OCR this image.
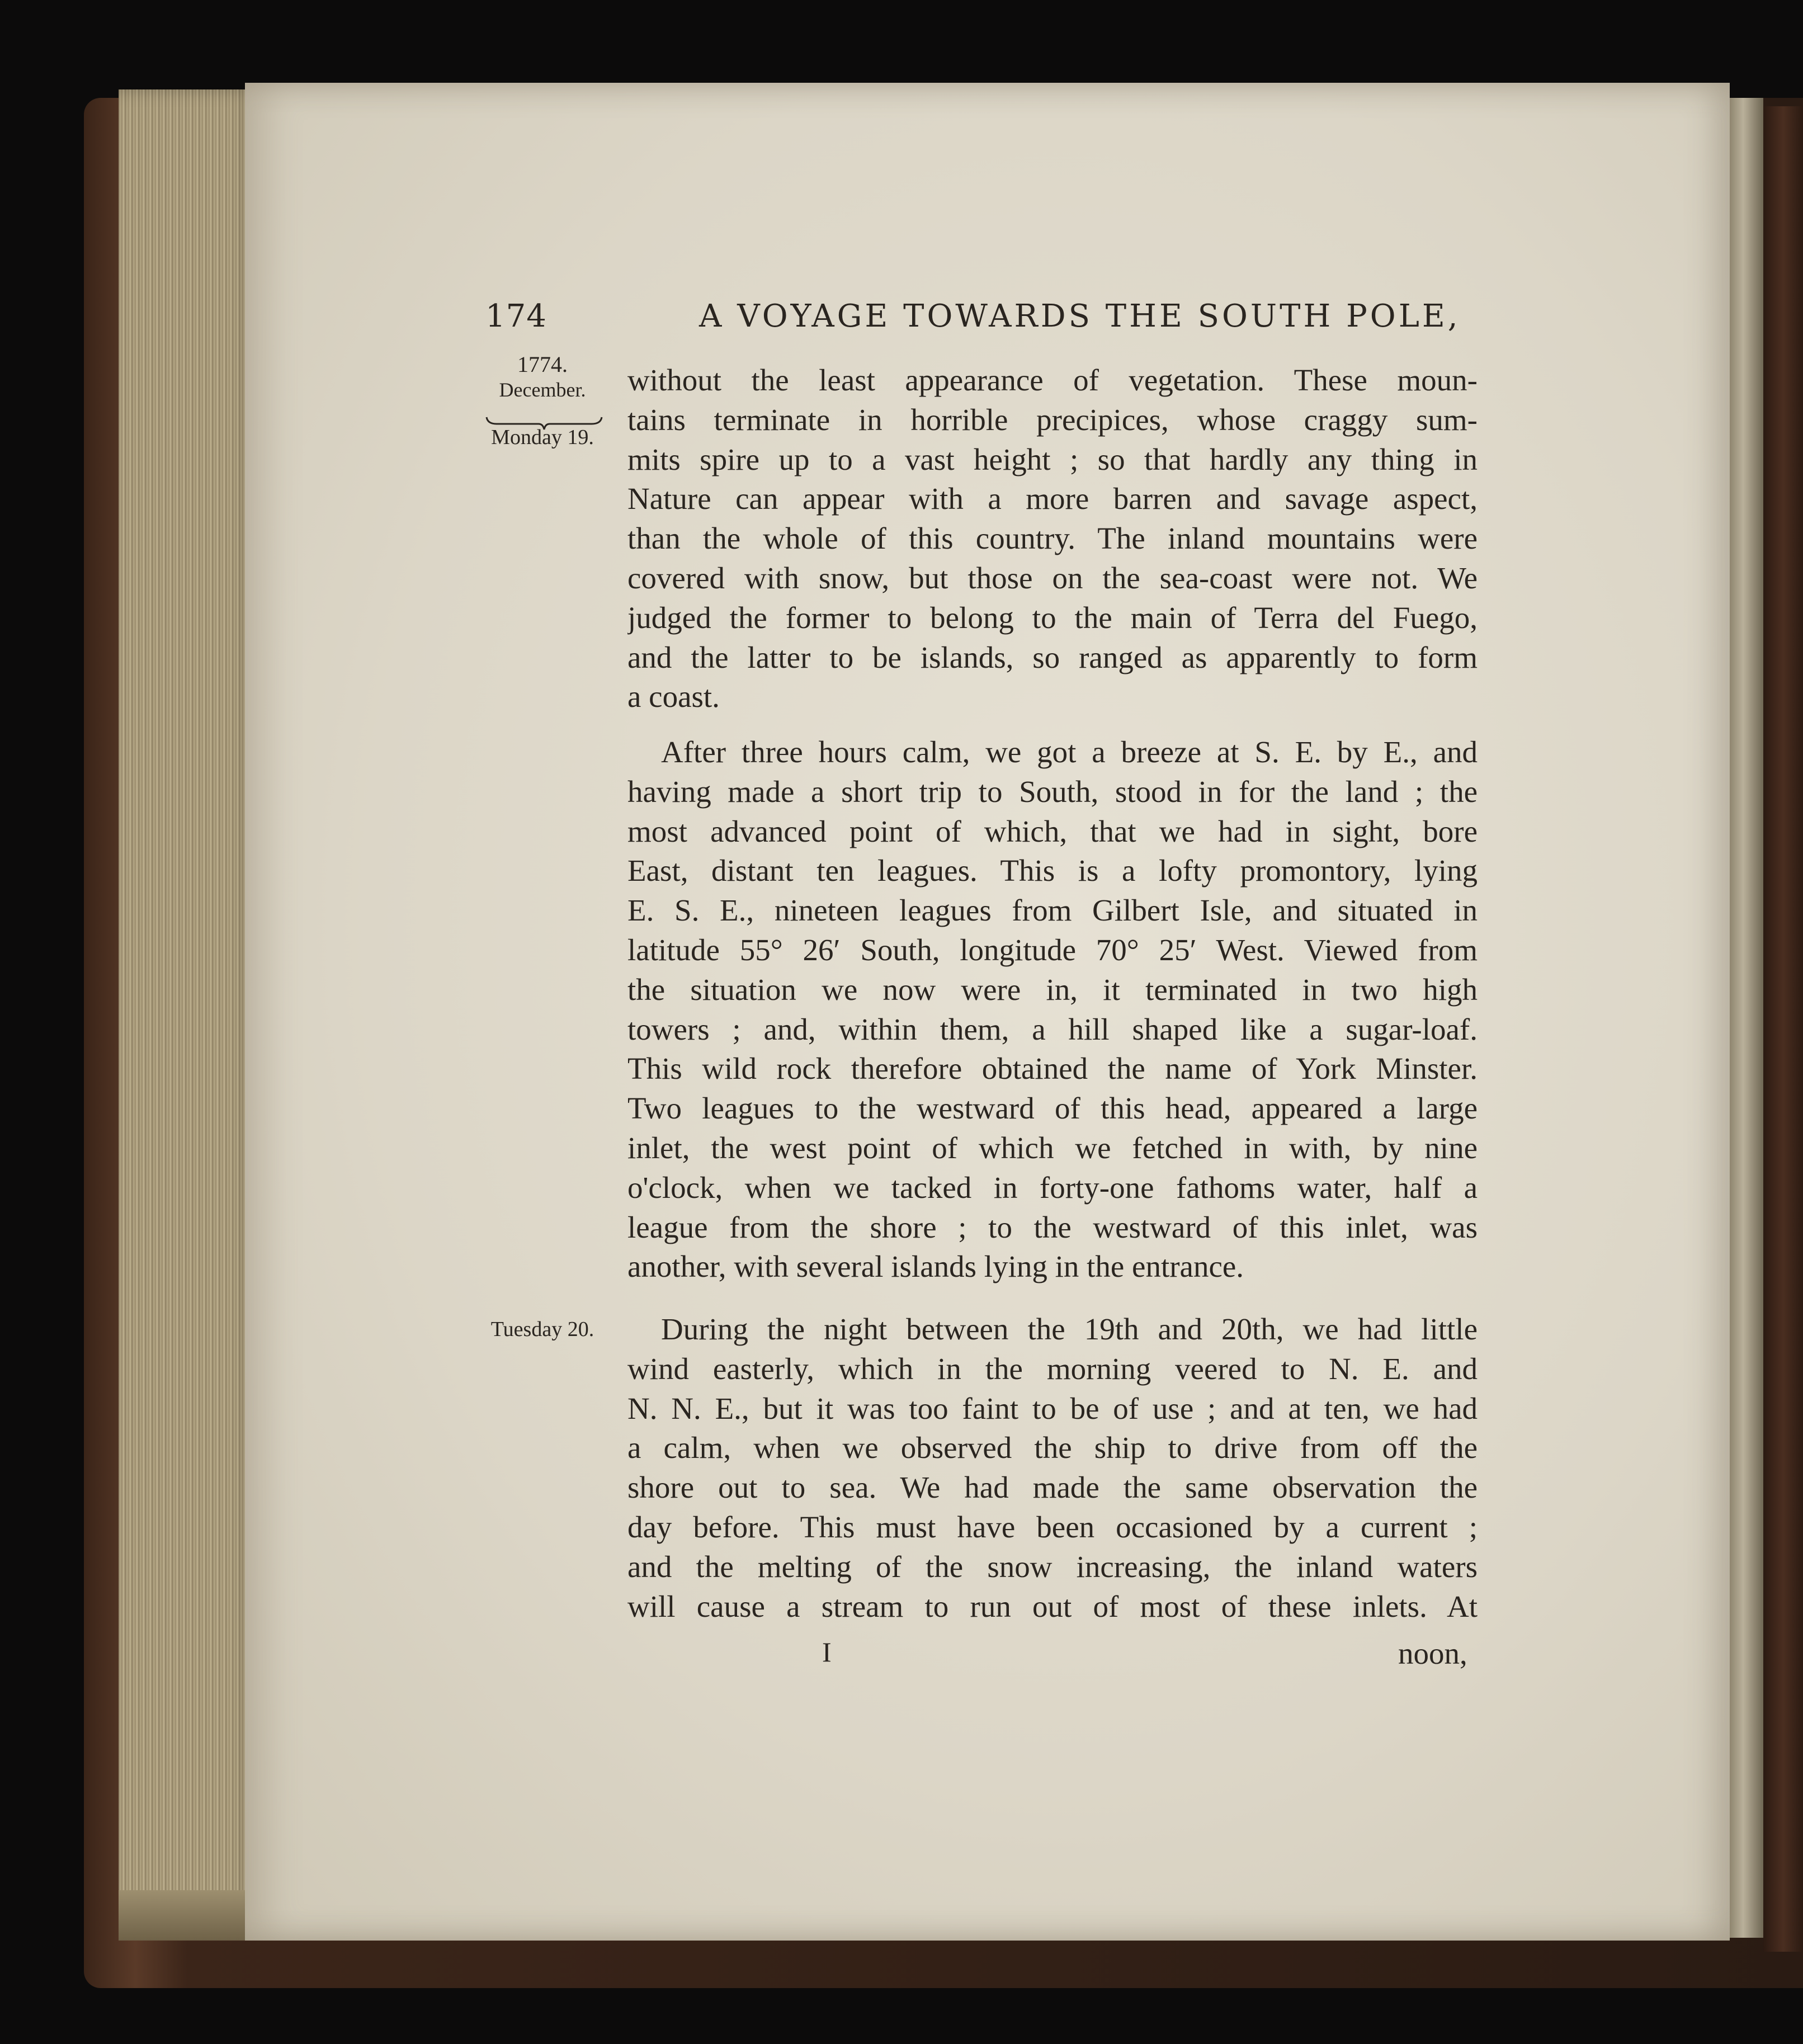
174	A VOYAGE TOWARDS THE SOUTH POLE,
1774.
December.
Monday 19.
Tuesday 20.
without the least appearance of vegetation. These moun-
tains terminate in horrible precipices, whose craggy sum-
mits spire up to a vast height ; so that hardly any thing in
Nature can appear with a more barren and savage aspect,
than the whole of this country. The inland mountains were
covered with snow, but those on the sea-coast were not. We
judged the former to belong to the main of Terra del Fuego,
and the latter to be islands, so ranged as apparently to form
a coast.
After three hours calm, we got a breeze at S. E. by E., and
having made a short trip to South, stood in for the land ; the
most advanced point of which, that we had in sight, bore
East, distant ten leagues. This is a lofty promontory, lying
E. S. E., nineteen leagues from Gilbert Isle, and situated in
latitude 55° 26′ South, longitude 70° 25′ West. Viewed from
the situation we now were in, it terminated in two high
towers ; and, within them, a hill shaped like a sugar-loaf.
This wild rock therefore obtained the name of York Minster.
Two leagues to the westward of this head, appeared a large
inlet, the west point of which we fetched in with, by nine
o'clock, when we tacked in forty-one fathoms water, half a
league from the shore ; to the westward of this inlet, was
another, with several islands lying in the entrance.
During the night between the 19th and 20th, we had little
wind easterly, which in the morning veered to N. E. and
N. N. E., but it was too faint to be of use ; and at ten, we had
a calm, when we observed the ship to drive from off the
shore out to sea. We had made the same observation the
day before. This must have been occasioned by a current ;
and the melting of the snow increasing, the inland waters
will cause a stream to run out of most of these inlets. At
I	noon,
